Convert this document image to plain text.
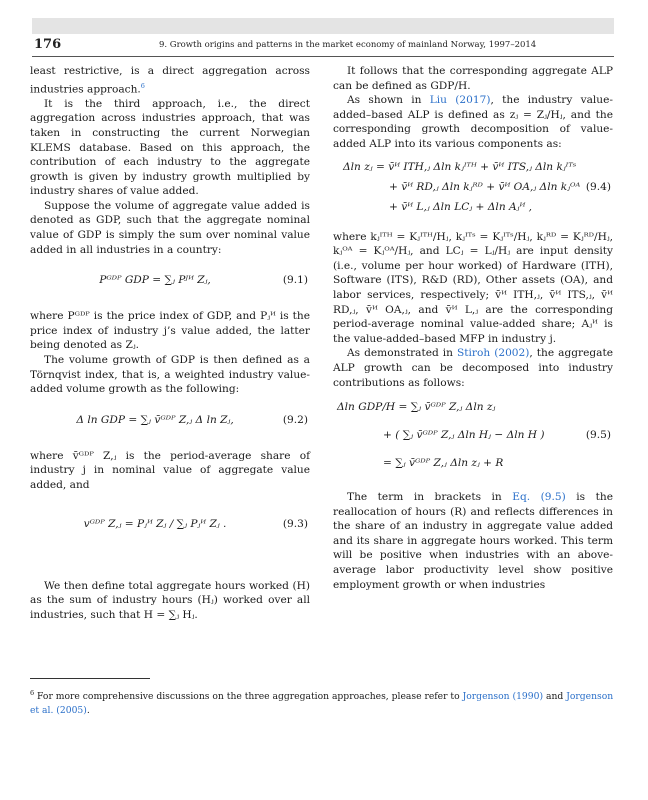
176	9. Growth origins and patterns in the market economy of mainland Norway, 1997–2014

least restrictive, is a direct aggregation across industries approach.$^6$

It is the third approach, i.e., the direct aggregation across industries approach, that was taken in constructing the current Norwegian KLEMS database. Based on this approach, the contribution of each industry to the aggregate growth is given by industry growth multiplied by industry shares of value added.

Suppose the volume of aggregate value added is denoted as GDP, such that the aggregate nominal value of GDP is simply the sum over nominal value added in all industries in a country:

Pᴳᴰᴾ GDP = ∑ⱼ Pᴶᴻ Zⱼ,	(9.1)

where Pᴳᴰᴾ is the price index of GDP, and Pⱼᴻ is the price index of industry j’s value added, the latter being denoted as Zⱼ.

The volume growth of GDP is then defined as a Törnqvist index, that is, a weighted industry value-added volume growth as the following:

Δ ln GDP = ∑ⱼ v̄ᴳᴰᴾ Z,ⱼ Δ ln Zⱼ,	(9.2)

where v̄ᴳᴰᴾ Z,ⱼ is the period-average share of industry j in nominal value of aggregate value added, and

vᴳᴰᴾ Z,ⱼ = Pⱼᴻ Zⱼ / ∑ⱼ Pⱼᴻ Zⱼ .	(9.3)

We then define total aggregate hours worked (H) as the sum of industry hours (Hⱼ) worked over all industries, such that H = ∑ⱼ Hⱼ.

It follows that the corresponding aggregate ALP can be defined as GDP/H.

As shown in Liu (2017), the industry value-added–based ALP is defined as zⱼ = Zⱼ/Hⱼ, and the corresponding growth decomposition of value-added ALP into its various components as:

Δln zⱼ = v̄ᴻ ITH,ⱼ Δln kⱼᴵᵀᴴ + v̄ᴻ ITS,ⱼ Δln kⱼᴵᵀˢ
+ v̄ᴻ RD,ⱼ Δln kⱼᴿᴰ + v̄ᴻ OA,ⱼ Δln kⱼᴼᴬ
+ v̄ᴻ L,ⱼ Δln LCⱼ + Δln Aⱼᴻ ,
(9.4)

where kⱼᴵᵀᴴ = Kⱼᴵᵀᴴ/Hⱼ, kⱼᴵᵀˢ = Kⱼᴵᵀˢ/Hⱼ, kⱼᴿᴰ = Kⱼᴿᴰ/Hⱼ, kⱼᴼᴬ = Kⱼᴼᴬ/Hⱼ, and LCⱼ = Lⱼ/Hⱼ are input density (i.e., volume per hour worked) of Hardware (ITH), Software (ITS), R&D (RD), Other assets (OA), and labor services, respectively; v̄ᴻ ITH,ⱼ, v̄ᴻ ITS,ⱼ, v̄ᴻ RD,ⱼ, v̄ᴻ OA,ⱼ, and v̄ᴻ L,ⱼ are the corresponding period-average nominal value-added share; Aⱼᴻ is the value-added–based MFP in industry j.

As demonstrated in Stiroh (2002), the aggregate ALP growth can be decomposed into industry contributions as follows:

Δln GDP/H = ∑ⱼ v̄ᴳᴰᴾ Z,ⱼ Δln zⱼ
+ ( ∑ⱼ v̄ᴳᴰᴾ Z,ⱼ Δln Hⱼ − Δln H )
= ∑ⱼ v̄ᴳᴰᴾ Z,ⱼ Δln zⱼ + R
(9.5)

The term in brackets in Eq. (9.5) is the reallocation of hours (R) and reflects differences in the share of an industry in aggregate value added and its share in aggregate hours worked. This term will be positive when industries with an above-average labor productivity level show positive employment growth or when industries

$^6$ For more comprehensive discussions on the three aggregation approaches, please refer to Jorgenson (1990) and Jorgenson et al. (2005).
